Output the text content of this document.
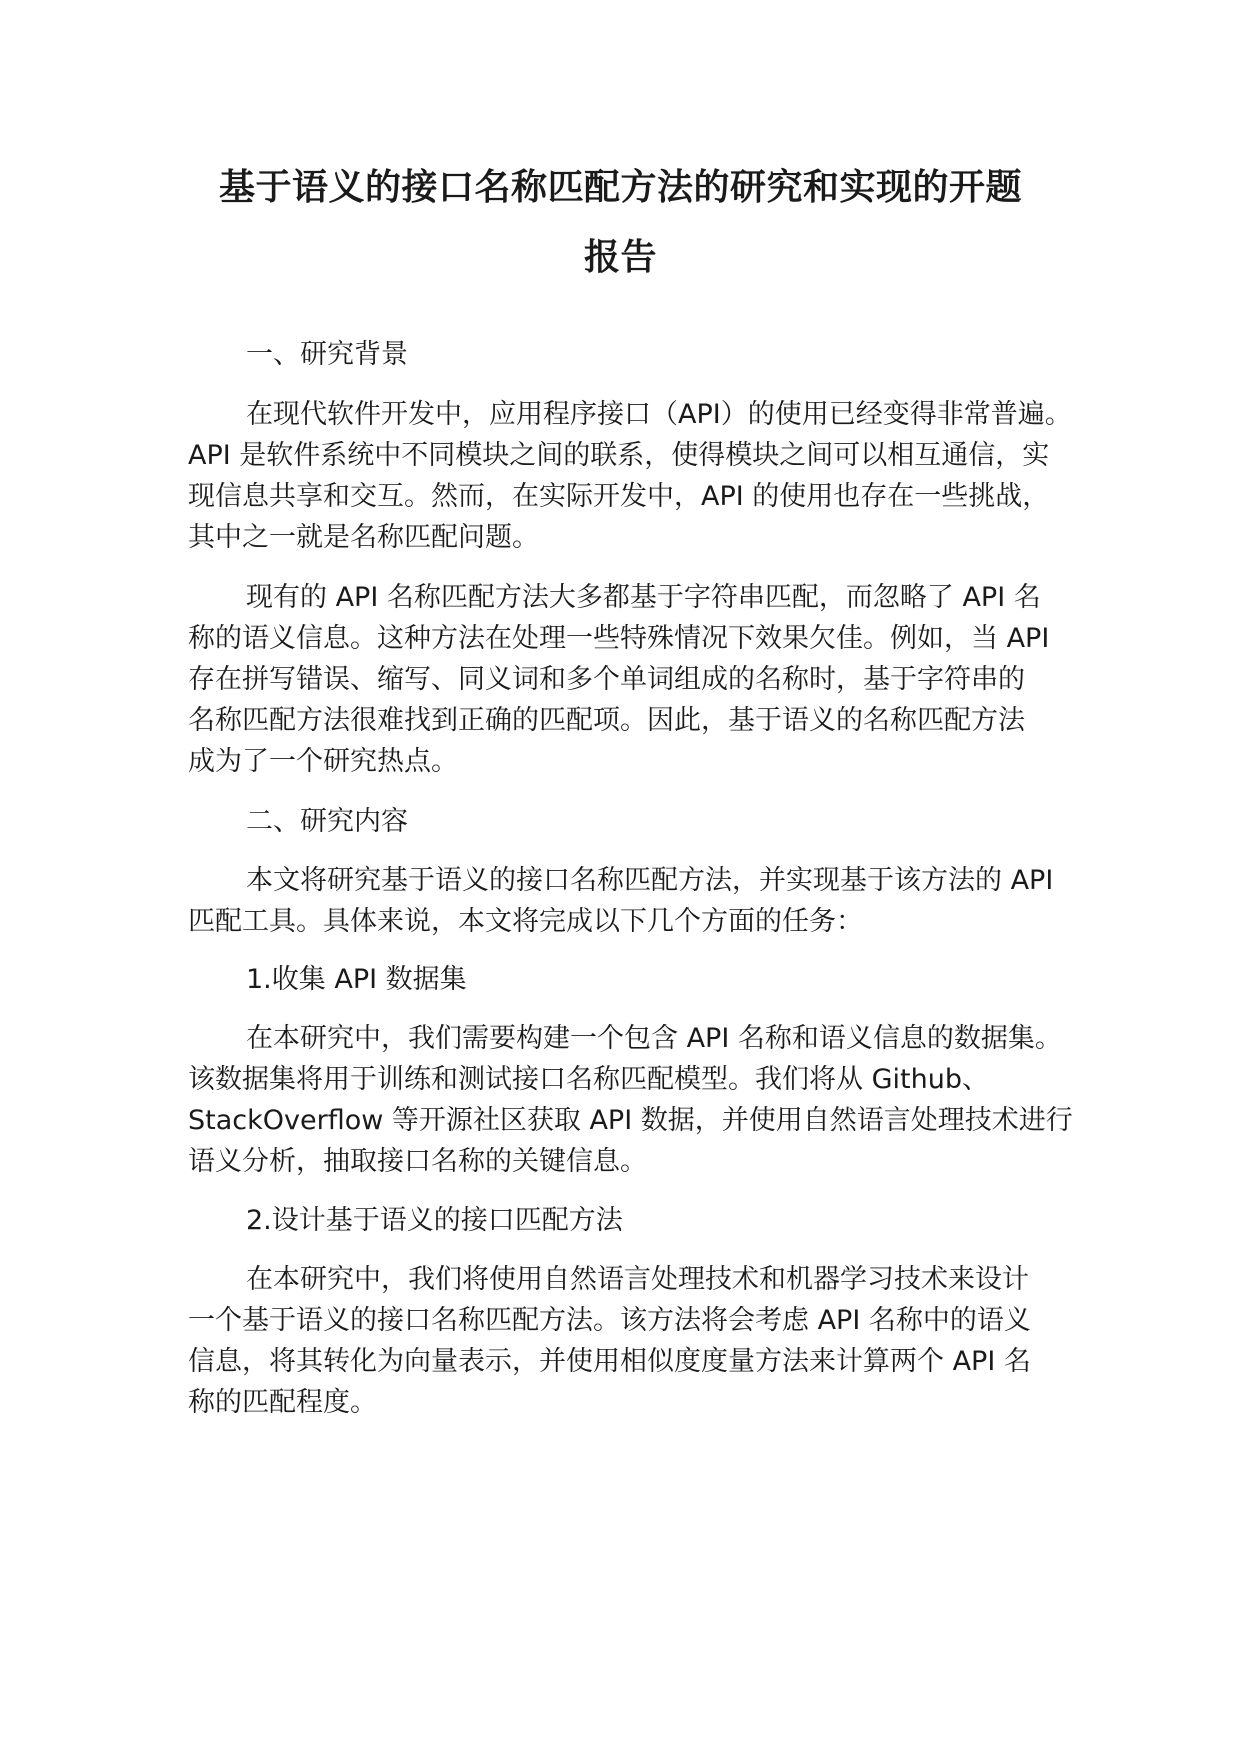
基于语义的接口名称匹配方法的研究和实现的开题
报告
一、研究背景
在现代软件开发中，应用程序接口（API）的使用已经变得非常普遍。
API 是软件系统中不同模块之间的联系，使得模块之间可以相互通信，实
现信息共享和交互。然而，在实际开发中，API 的使用也存在一些挑战，
其中之一就是名称匹配问题。
现有的 API 名称匹配方法大多都基于字符串匹配，而忽略了 API 名
称的语义信息。这种方法在处理一些特殊情况下效果欠佳。例如，当 API
存在拼写错误、缩写、同义词和多个单词组成的名称时，基于字符串的
名称匹配方法很难找到正确的匹配项。因此，基于语义的名称匹配方法
成为了一个研究热点。
二、研究内容
本文将研究基于语义的接口名称匹配方法，并实现基于该方法的 API
匹配工具。具体来说，本文将完成以下几个方面的任务：
1.收集 API 数据集
在本研究中，我们需要构建一个包含 API 名称和语义信息的数据集。
该数据集将用于训练和测试接口名称匹配模型。我们将从 Github、
StackOverflow 等开源社区获取 API 数据，并使用自然语言处理技术进行
语义分析，抽取接口名称的关键信息。
2.设计基于语义的接口匹配方法
在本研究中，我们将使用自然语言处理技术和机器学习技术来设计
一个基于语义的接口名称匹配方法。该方法将会考虑 API 名称中的语义
信息，将其转化为向量表示，并使用相似度度量方法来计算两个 API 名
称的匹配程度。
